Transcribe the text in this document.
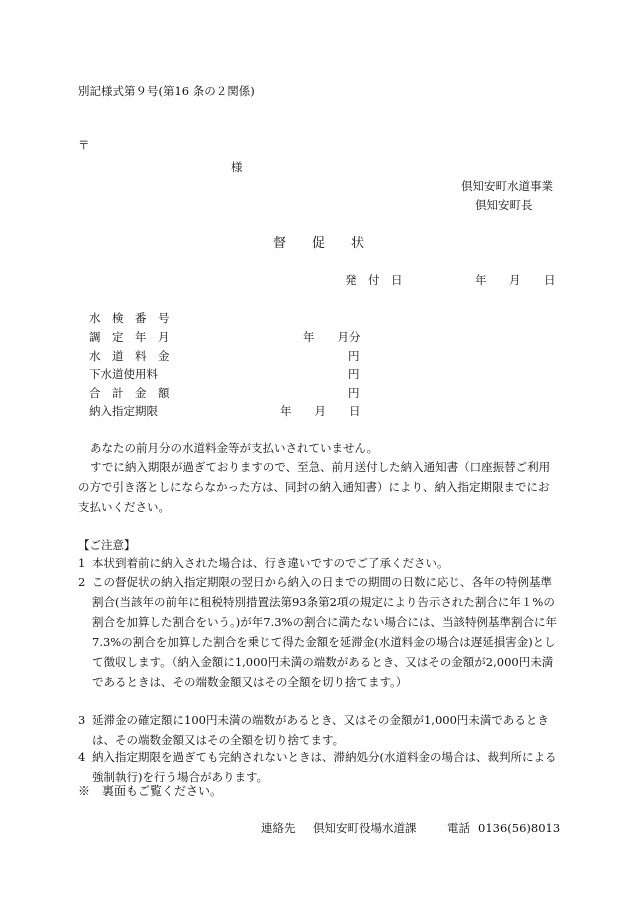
別記様式第９号(第16 条の２関係)
〒
様
倶知安町水道事業
倶知安町長
督　　促　　状
発　付　日	年 月 日
水　検　番　号
調　定　年　月	年　　月分
水　道　料　金	円
下水道使用料	円
合　計　金　額	円
納入指定期限	年　　月　　日
あなたの前月分の水道料金等が支払いされていません。
すでに納入期限が過ぎておりますので、至急、前月送付した納入通知書（口座振替ご利用の方で引き落としにならなかった方は、同封の納入通知書）により、納入指定期限までにお支払いください。
【ご注意】
1 本状到着前に納入された場合は、行き違いですのでご了承ください。
2 この督促状の納入指定期限の翌日から納入の日までの期間の日数に応じ、各年の特例基準割合(当該年の前年に租税特別措置法第93条第2項の規定により告示された割合に年１%の割合を加算した割合をいう。)が年7.3%の割合に満たない場合には、当該特例基準割合に年7.3%の割合を加算した割合を乗じて得た金額を延滞金(水道料金の場合は遅延損害金)として徴収します。（納入金額に1,000円未満の端数があるとき、又はその金額が2,000円未満であるときは、その端数金額又はその全額を切り捨てます。）
3 延滞金の確定額に100円未満の端数があるとき、又はその金額が1,000円未満であるときは、その端数金額又はその全額を切り捨てます。
4 納入指定期限を過ぎても完納されないときは、滞納処分(水道料金の場合は、裁判所による強制執行)を行う場合があります。
※　裏面もご覧ください。
連絡先 倶知安町役場水道課	電話 0136(56)8013
